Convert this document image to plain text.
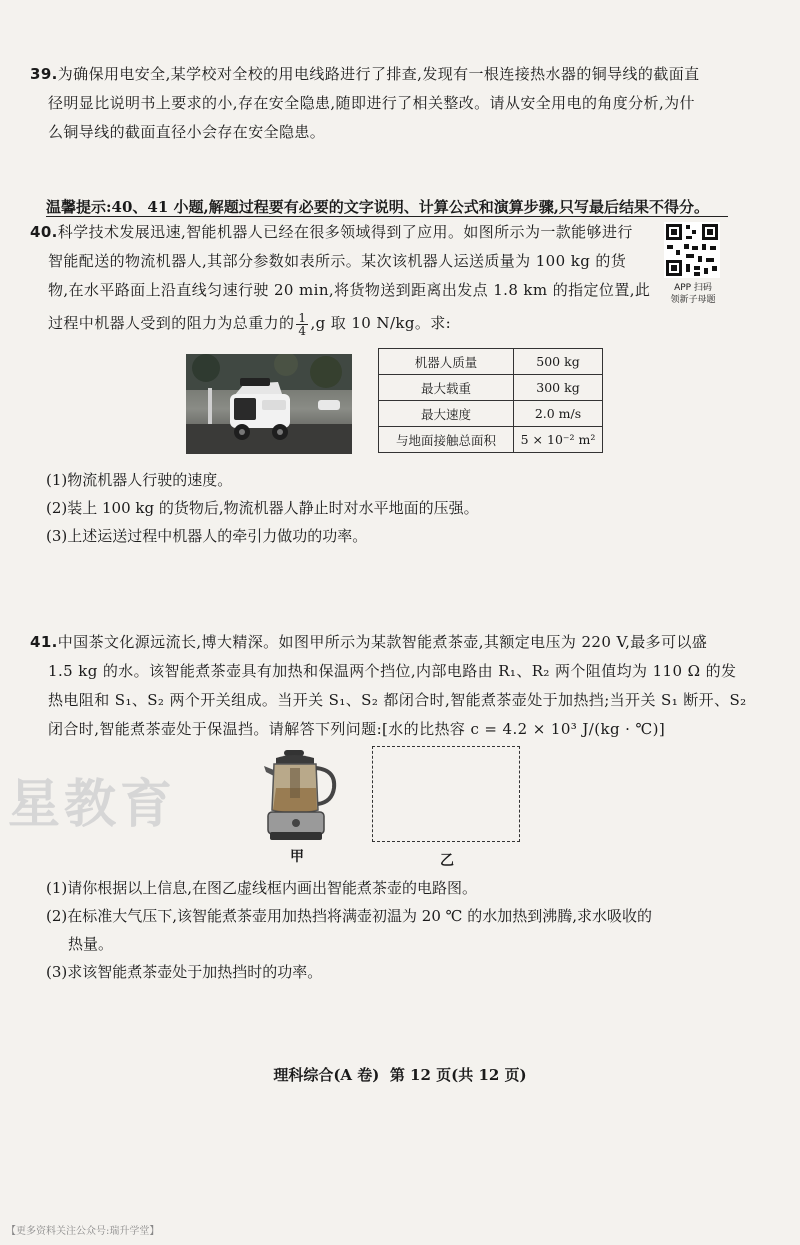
39.为确保用电安全,某学校对全校的用电线路进行了排查,发现有一根连接热水器的铜导线的截面直
径明显比说明书上要求的小,存在安全隐患,随即进行了相关整改。请从安全用电的角度分析,为什
么铜导线的截面直径小会存在安全隐患。
温馨提示:40、41 小题,解题过程要有必要的文字说明、计算公式和演算步骤,只写最后结果不得分。
40.科学技术发展迅速,智能机器人已经在很多领域得到了应用。如图所示为一款能够进行
智能配送的物流机器人,其部分参数如表所示。某次该机器人运送质量为 100 kg 的货
物,在水平路面上沿直线匀速行驶 20 min,将货物送到距离出发点 1.8 km 的指定位置,此
过程中机器人受到的阻力为总重力的 $\frac{1}{4} ,g$ 取 10 N/kg。求:
APP 扫码
领新子母题
机器人质量	500 kg
最大载重	300 kg
最大速度	2.0 m/s
与地面接触总面积	5 × 10⁻² m²
(1)物流机器人行驶的速度。
(2)装上 100 kg 的货物后,物流机器人静止时对水平地面的压强。
(3)上述运送过程中机器人的牵引力做功的功率。
41.中国茶文化源远流长,博大精深。如图甲所示为某款智能煮茶壶,其额定电压为 220 V,最多可以盛
1.5 kg 的水。该智能煮茶壶具有加热和保温两个挡位,内部电路由 R₁、R₂ 两个阻值均为 110 Ω 的发
热电阻和 S₁、S₂ 两个开关组成。当开关 S₁、S₂ 都闭合时,智能煮茶壶处于加热挡;当开关 S₁ 断开、S₂
闭合时,智能煮茶壶处于保温挡。请解答下列问题:[水的比热容 c = 4.2 × 10³ J/(kg · ℃)]
星教育
甲	乙
(1)请你根据以上信息,在图乙虚线框内画出智能煮茶壶的电路图。
(2)在标准大气压下,该智能煮茶壶用加热挡将满壶初温为 20 ℃ 的水加热到沸腾,求水吸收的
热量。
(3)求该智能煮茶壶处于加热挡时的功率。
理科综合(A 卷)  第 12 页(共 12 页)
【更多资料关注公众号:瑞升学堂】
